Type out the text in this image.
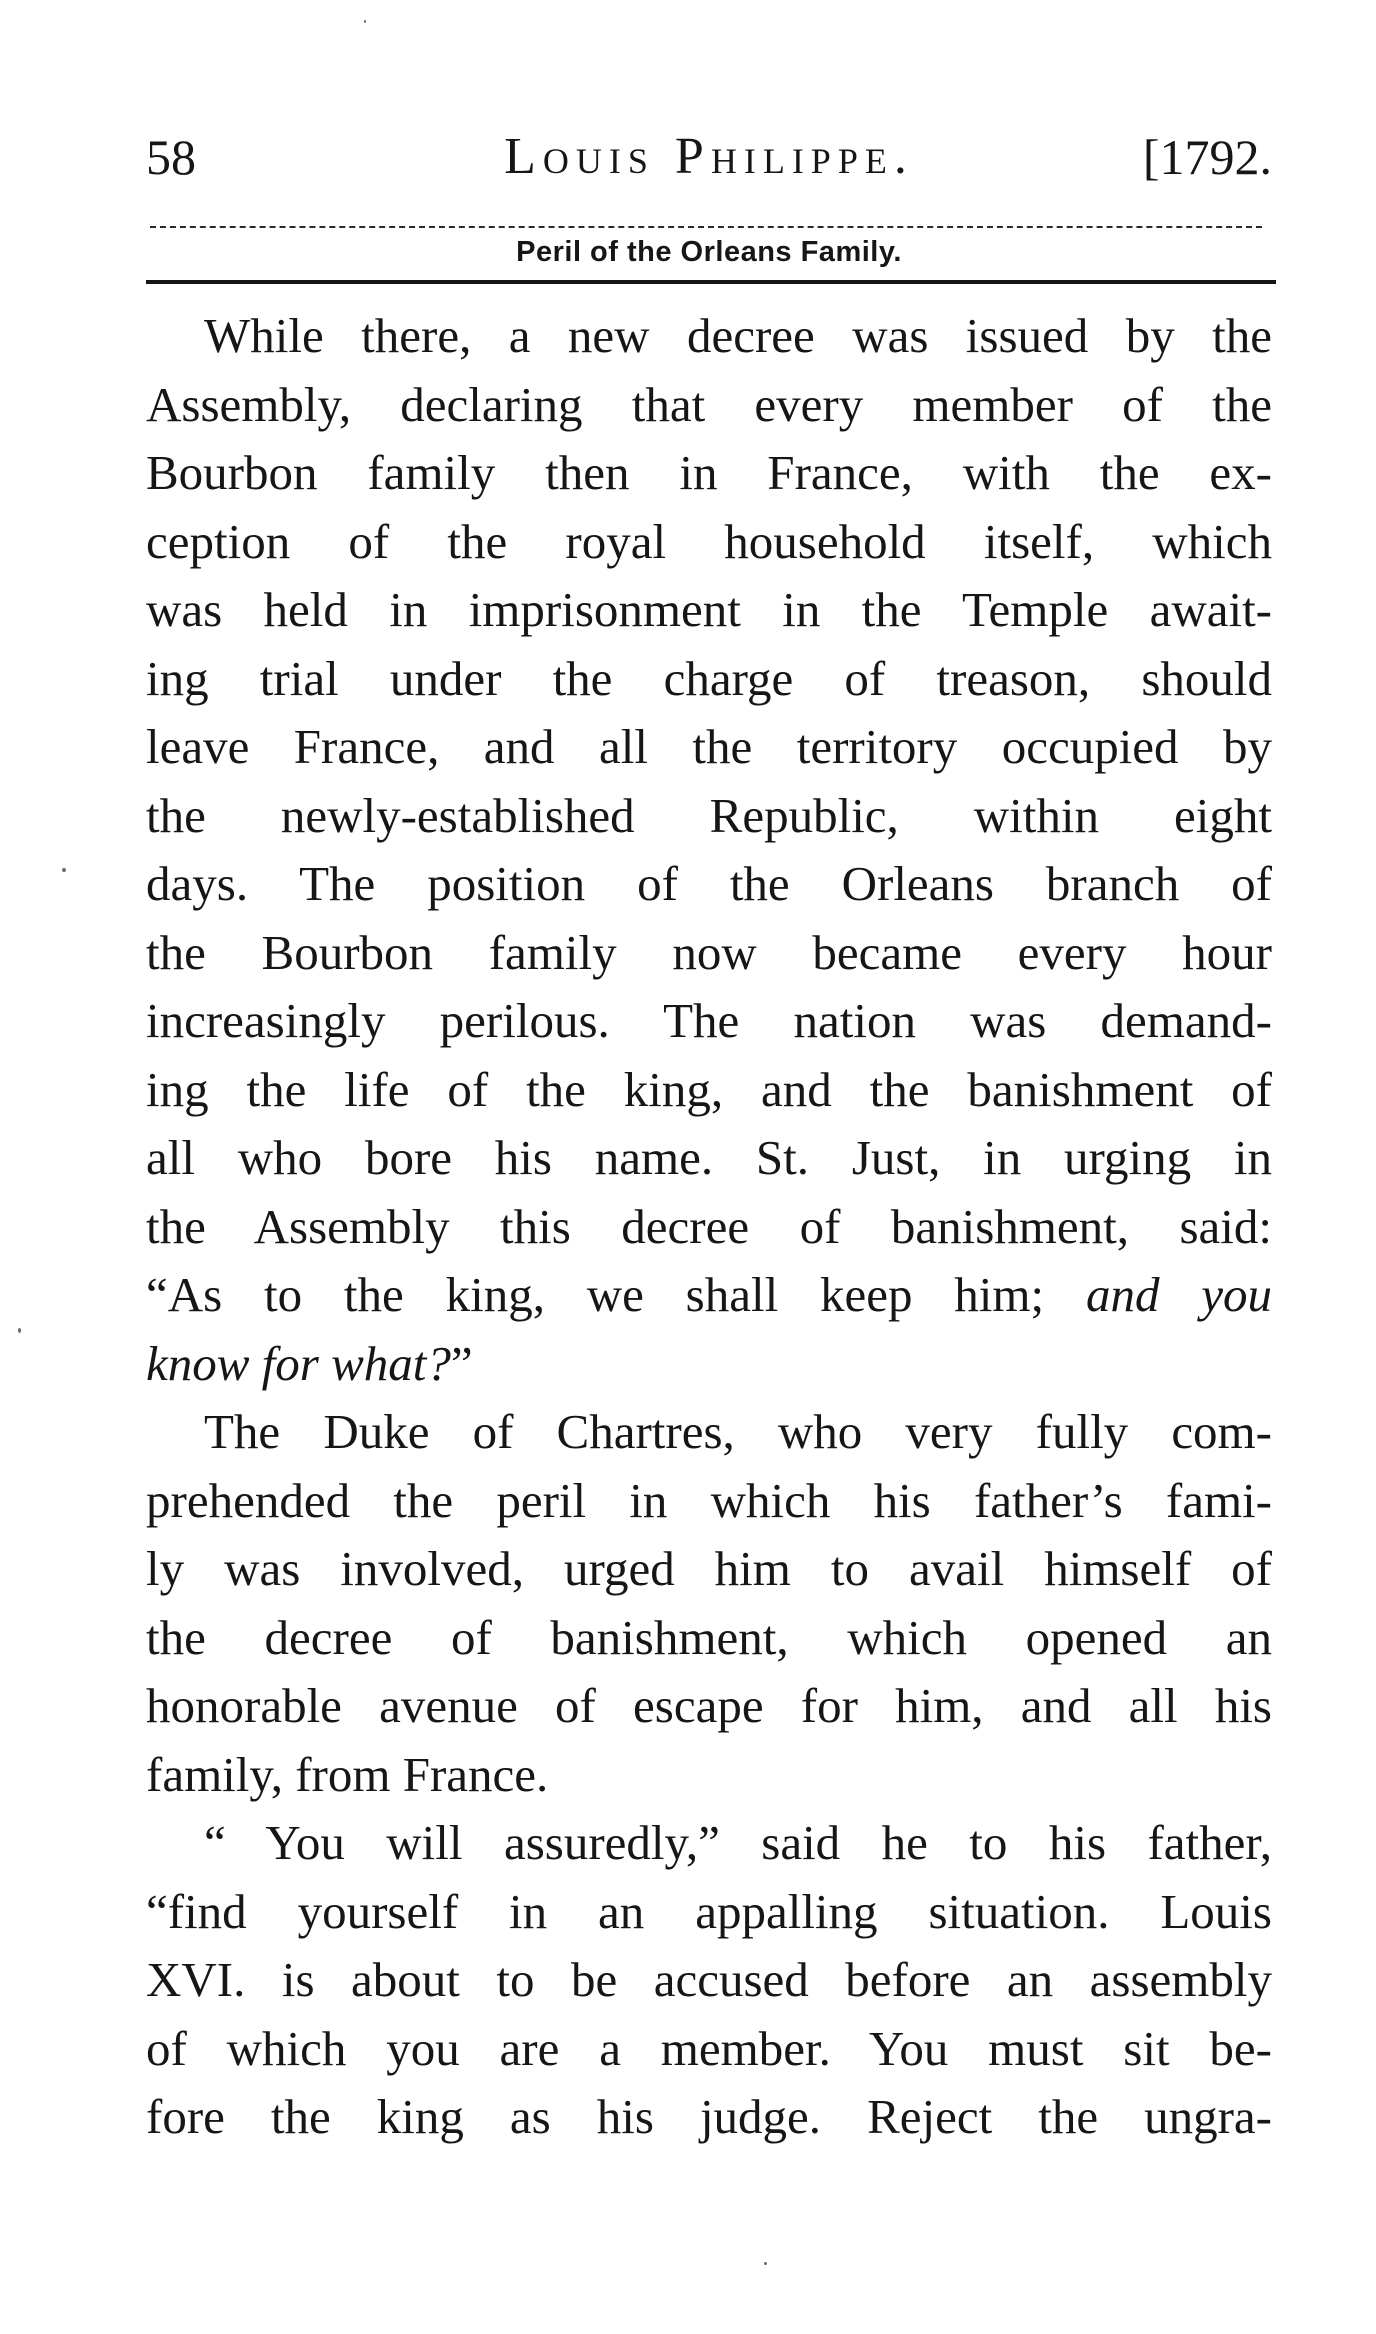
58	Louis Philippe.	[1792.
Peril of the Orleans Family.
While there, a new decree was issued by the
Assembly, declaring that every member of the
Bourbon family then in France, with the ex-
ception of the royal household itself, which
was held in imprisonment in the Temple await-
ing trial under the charge of treason, should
leave France, and all the territory occupied by
the newly-established Republic, within eight
days. The position of the Orleans branch of
the Bourbon family now became every hour
increasingly perilous. The nation was demand-
ing the life of the king, and the banishment of
all who bore his name. St. Just, in urging in
the Assembly this decree of banishment, said:
“As to the king, we shall keep him; and you
know for what?”
The Duke of Chartres, who very fully com-
prehended the peril in which his father’s fami-
ly was involved, urged him to avail himself of
the decree of banishment, which opened an
honorable avenue of escape for him, and all his
family, from France.
“ You will assuredly,” said he to his father,
“find yourself in an appalling situation. Louis
XVI. is about to be accused before an assembly
of which you are a member. You must sit be-
fore the king as his judge. Reject the ungra-
